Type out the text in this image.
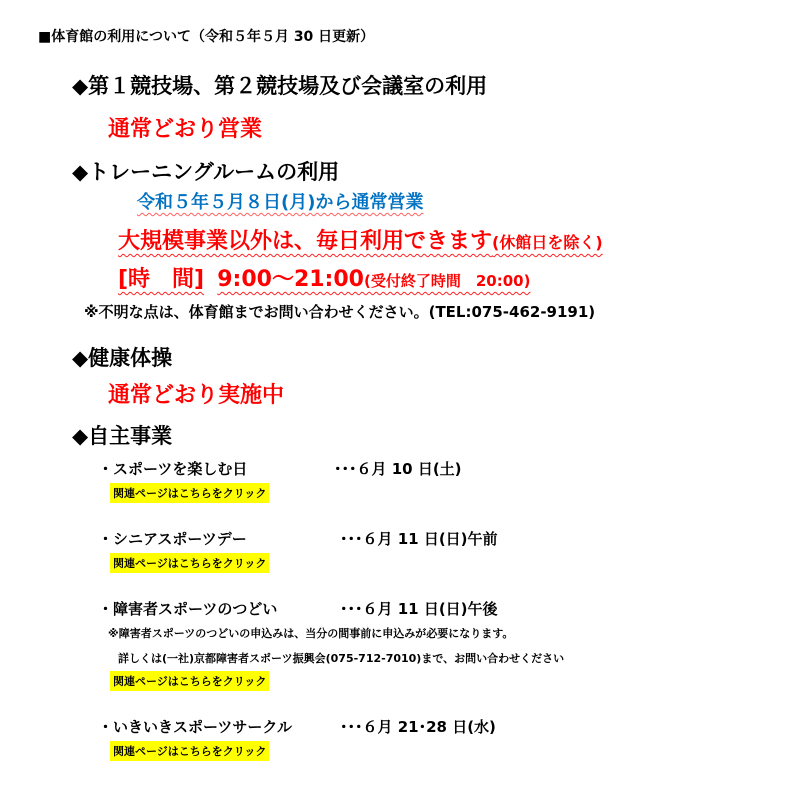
■体育館の利用について（令和５年５月 30 日更新）
◆第１競技場、第２競技場及び会議室の利用
通常どおり営業
◆トレーニングルームの利用
令和５年５月８日(月)から通常営業
大規模事業以外は、毎日利用できます(休館日を除く)
[時　間] 9:00～21:00(受付終了時間　20:00)
※不明な点は、体育館までお問い合わせください。(TEL:075-462-9191)
◆健康体操
通常どおり実施中
◆自主事業
・スポーツを楽しむ日	･･･６月 10 日(土)
関連ページはこちらをクリック
・シニアスポーツデー	･･･６月 11 日(日)午前
関連ページはこちらをクリック
・障害者スポーツのつどい	･･･６月 11 日(日)午後
※障害者スポーツのつどいの申込みは、当分の間事前に申込みが必要になります。
詳しくは(一社)京都障害者スポーツ振興会(075-712-7010)まで、お問い合わせください
関連ページはこちらをクリック
・いきいきスポーツサークル	･･･６月 21･28 日(水)
関連ページはこちらをクリック
